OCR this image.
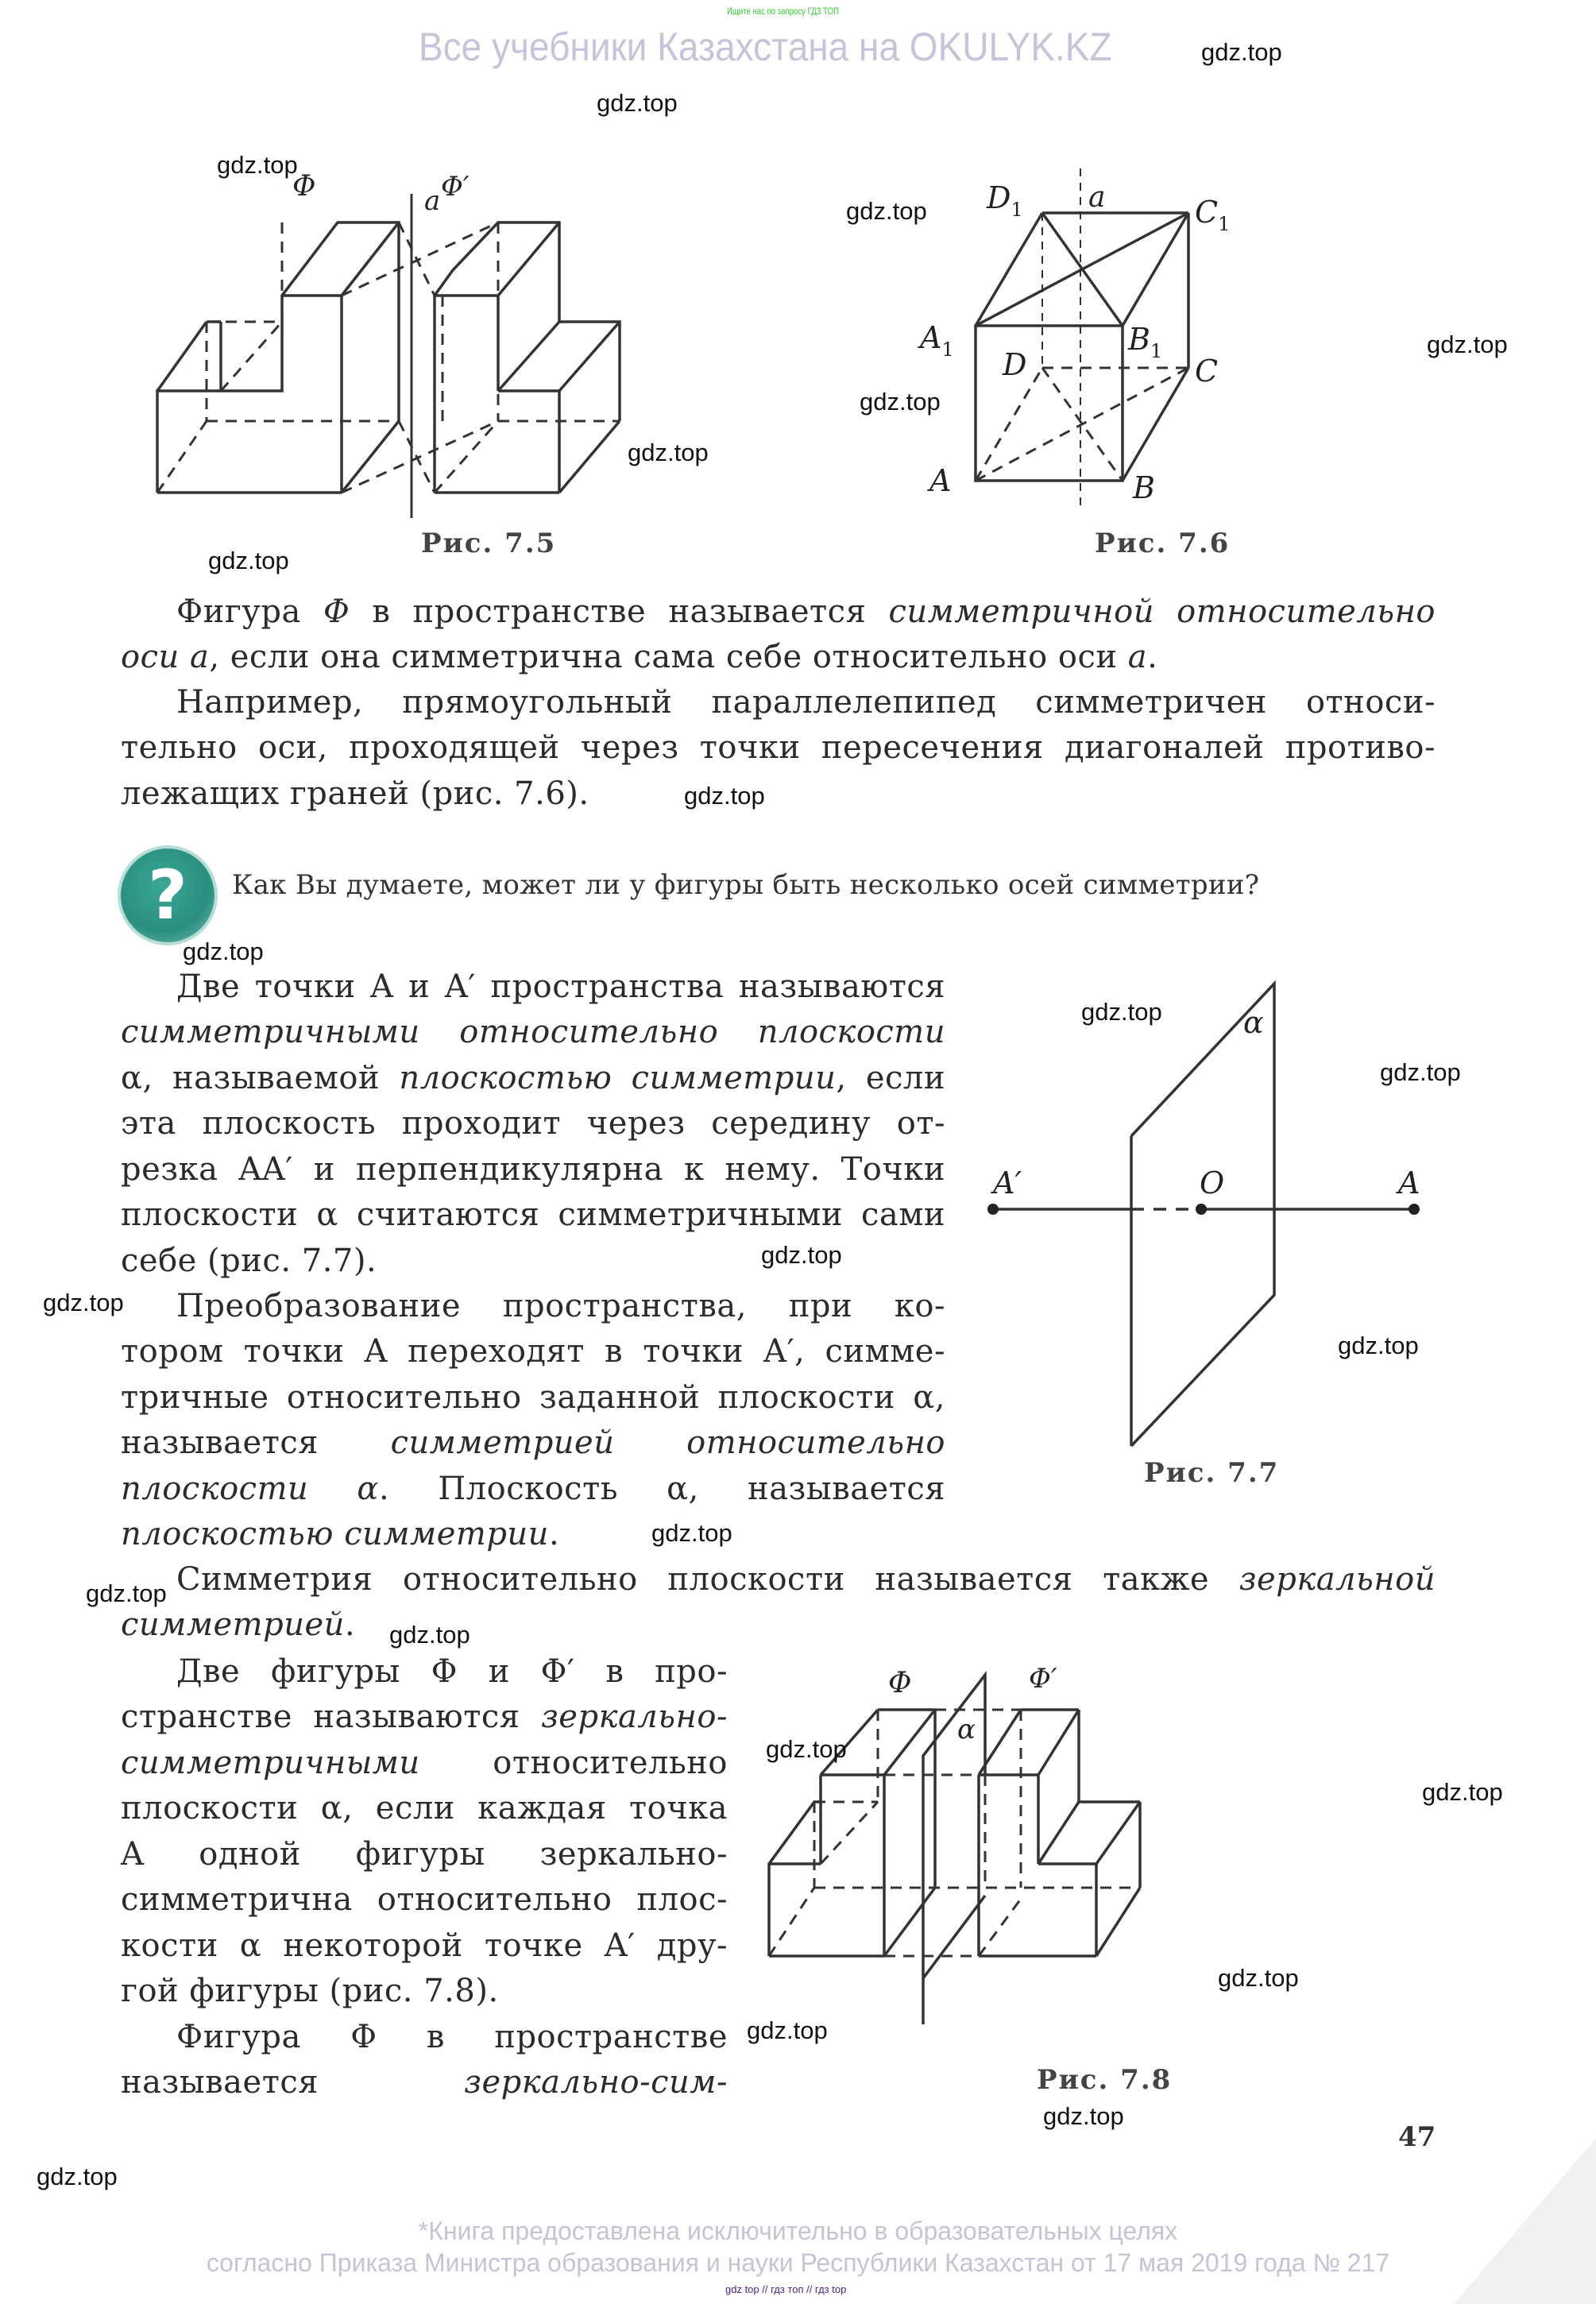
Ищите нас по запросу ГДЗ ТОП
Все учебники Казахстана на OKULYK.KZ
Φ	Φ′
a
Рис. 7.5
a
A	B
C
D
$A_1$	$B_1$
$C_1$
$D_1$
Рис. 7.6
Фигура Φ в пространстве называется симметричной относительно
оси a, если она симметрична сама себе относительно оси a.
Например, прямоугольный параллелепипед симметричен относи-
тельно оси, проходящей через точки пересечения диагоналей противо-
лежащих граней (рис. 7.6).
? Как Вы думаете, может ли у фигуры быть несколько осей симметрии?
Две точки A и A′ пространства называются
симметричными относительно плоскости
α, называемой плоскостью симметрии, если
эта плоскость проходит через середину от-
резка AA′ и перпендикулярна к нему. Точки
плоскости α считаются симметричными сами
себе (рис. 7.7).
Преобразование пространства, при ко-
тором точки A переходят в точки A′, симме-
тричные относительно заданной плоскости α,
называется симметрией относительно
плоскости α. Плоскость α, называется
плоскостью симметрии.
α
A′	O	A
Рис. 7.7
Симметрия относительно плоскости называется также зеркальной
симметрией.
Две фигуры Φ и Φ′ в про-
странстве называются зеркально-
симметричными относительно
плоскости α, если каждая точка
A одной фигуры зеркально-
симметрична относительно плос-
кости α некоторой точке A′ дру-
гой фигуры (рис. 7.8).
Фигура Φ в пространстве
называется зеркально-сим-
Φ	Φ′
α
Рис. 7.8
47
gdz.top
gdz.top
gdz.top
gdz.top
gdz.top
gdz.top
gdz.top
gdz.top
gdz.top
gdz.top
gdz.top
gdz.top
gdz.top
gdz.top
gdz.top
gdz.top
gdz.top
gdz.top
gdz.top
gdz.top
gdz.top
gdz.top
gdz.top
gdz.top
*Книга предоставлена исключительно в образовательных целях
согласно Приказа Министра образования и науки Республики Казахстан от 17 мая 2019 года № 217
gdz top // гдз топ // гдз top
